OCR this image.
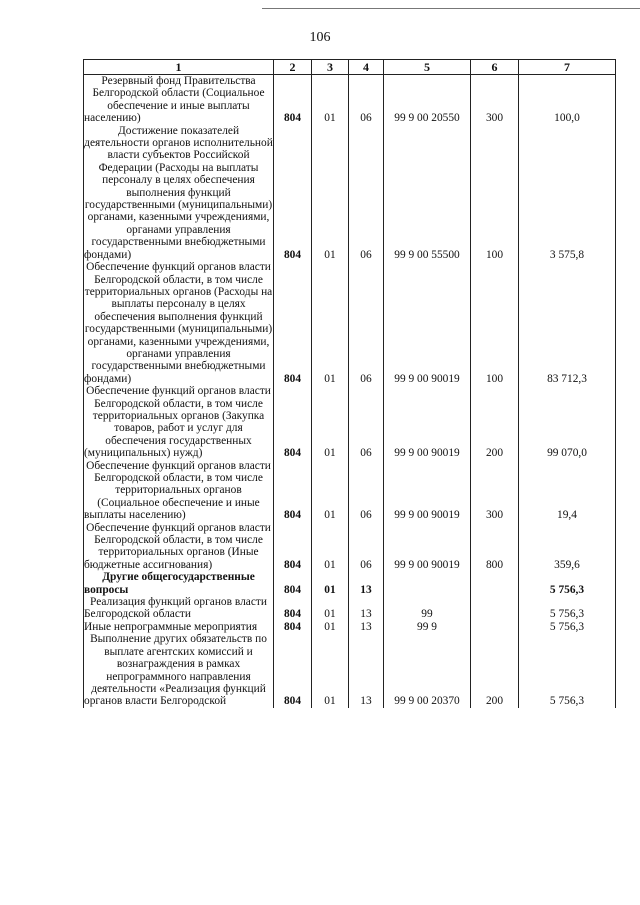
106
1	2	3	4	5	6	7
Резервный фонд Правительства Белгородской области (Социальное обеспечение и иные выплаты населению)	804	01	06	99 9 00 20550	300	100,0
Достижение показателей деятельности органов исполнительной власти субъектов Российской Федерации (Расходы на выплаты персоналу в целях обеспечения выполнения функций государственными (муниципальными) органами, казенными учреждениями, органами управления государственными внебюджетными фондами)	804	01	06	99 9 00 55500	100	3 575,8
Обеспечение функций органов власти Белгородской области, в том числе территориальных органов (Расходы на выплаты персоналу в целях обеспечения выполнения функций государственными (муниципальными) органами, казенными учреждениями, органами управления государственными внебюджетными фондами)	804	01	06	99 9 00 90019	100	83 712,3
Обеспечение функций органов власти Белгородской области, в том числе территориальных органов (Закупка товаров, работ и услуг для обеспечения государственных (муниципальных) нужд)	804	01	06	99 9 00 90019	200	99 070,0
Обеспечение функций органов власти Белгородской области, в том числе территориальных органов (Социальное обеспечение и иные выплаты населению)	804	01	06	99 9 00 90019	300	19,4
Обеспечение функций органов власти Белгородской области, в том числе территориальных органов (Иные бюджетные ассигнования)	804	01	06	99 9 00 90019	800	359,6
Другие общегосударственные вопросы	804	01	13			5 756,3
Реализация функций органов власти Белгородской области	804	01	13	99		5 756,3
Иные непрограммные мероприятия	804	01	13	99 9		5 756,3
Выполнение других обязательств по выплате агентских комиссий и вознаграждения в рамках непрограммного направления деятельности «Реализация функций органов власти Белгородской	804	01	13	99 9 00 20370	200	5 756,3
